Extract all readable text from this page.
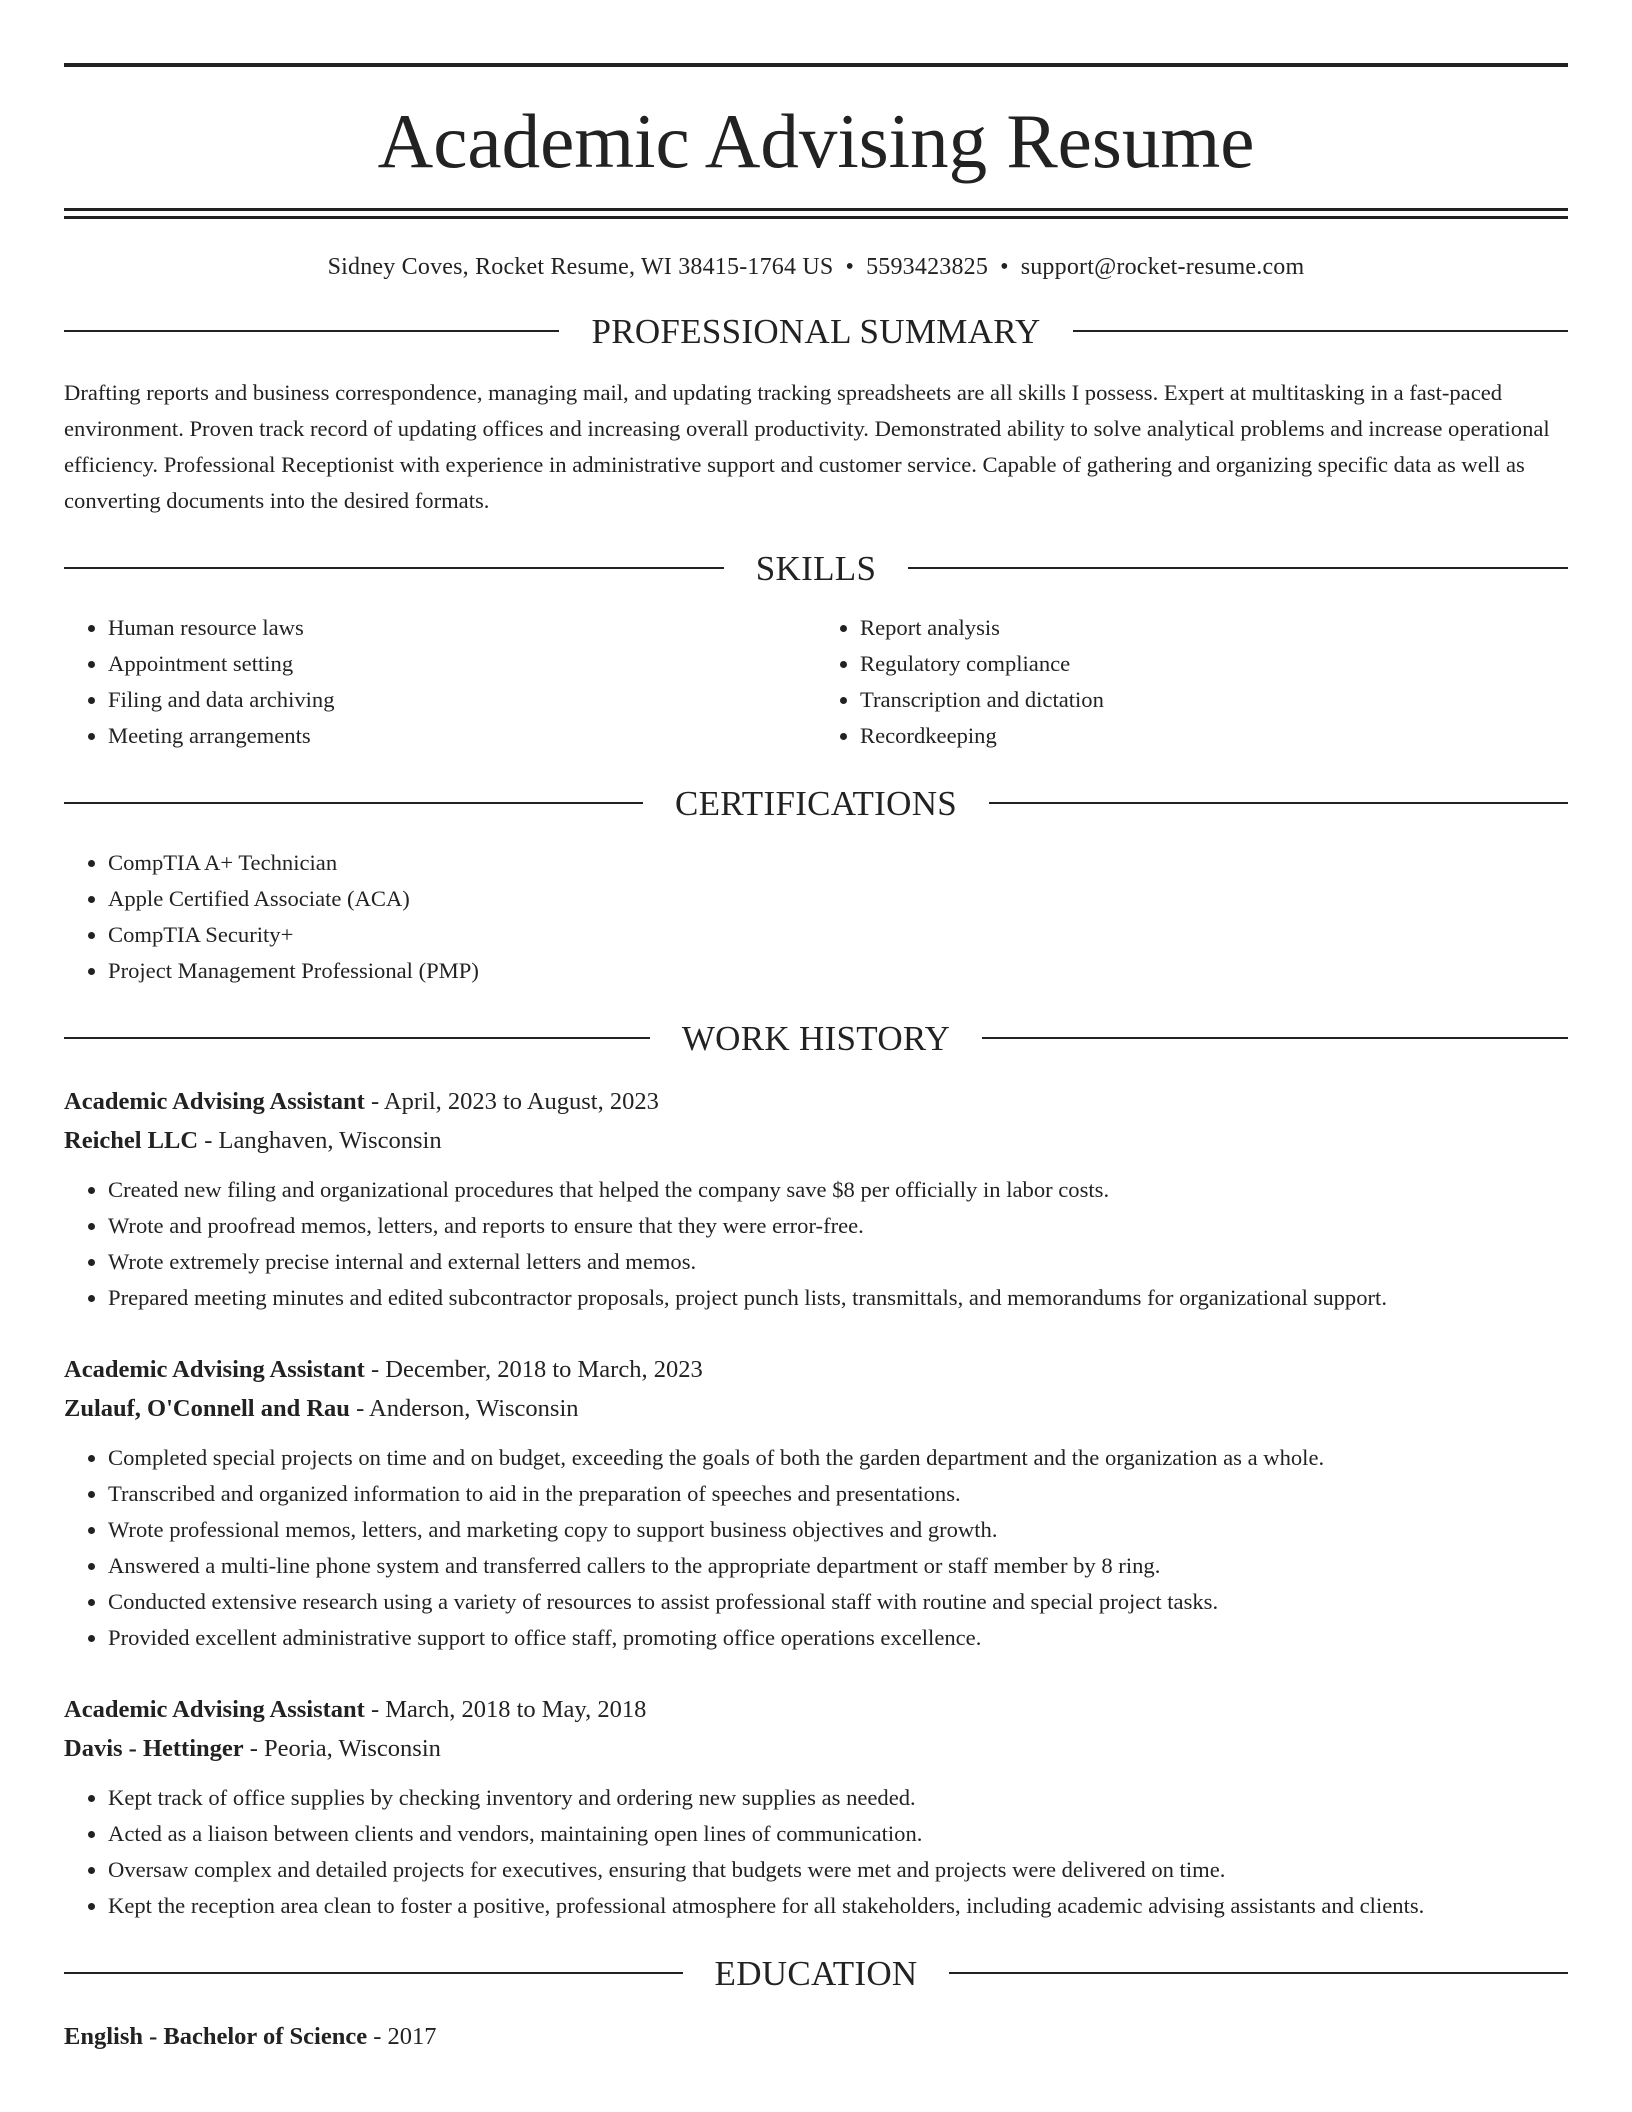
Academic Advising Resume
Sidney Coves, Rocket Resume, WI 38415-1764 US • 5593423825 • support@rocket-resume.com
PROFESSIONAL SUMMARY
Drafting reports and business correspondence, managing mail, and updating tracking spreadsheets are all skills I possess. Expert at multitasking in a fast-paced environment. Proven track record of updating offices and increasing overall productivity. Demonstrated ability to solve analytical problems and increase operational efficiency. Professional Receptionist with experience in administrative support and customer service. Capable of gathering and organizing specific data as well as converting documents into the desired formats.
SKILLS
• Human resource laws
• Appointment setting
• Filing and data archiving
• Meeting arrangements
• Report analysis
• Regulatory compliance
• Transcription and dictation
• Recordkeeping
CERTIFICATIONS
• CompTIA A+ Technician
• Apple Certified Associate (ACA)
• CompTIA Security+
• Project Management Professional (PMP)
WORK HISTORY
Academic Advising Assistant - April, 2023 to August, 2023
Reichel LLC - Langhaven, Wisconsin
• Created new filing and organizational procedures that helped the company save $8 per officially in labor costs.
• Wrote and proofread memos, letters, and reports to ensure that they were error-free.
• Wrote extremely precise internal and external letters and memos.
• Prepared meeting minutes and edited subcontractor proposals, project punch lists, transmittals, and memorandums for organizational support.
Academic Advising Assistant - December, 2018 to March, 2023
Zulauf, O'Connell and Rau - Anderson, Wisconsin
• Completed special projects on time and on budget, exceeding the goals of both the garden department and the organization as a whole.
• Transcribed and organized information to aid in the preparation of speeches and presentations.
• Wrote professional memos, letters, and marketing copy to support business objectives and growth.
• Answered a multi-line phone system and transferred callers to the appropriate department or staff member by 8 ring.
• Conducted extensive research using a variety of resources to assist professional staff with routine and special project tasks.
• Provided excellent administrative support to office staff, promoting office operations excellence.
Academic Advising Assistant - March, 2018 to May, 2018
Davis - Hettinger - Peoria, Wisconsin
• Kept track of office supplies by checking inventory and ordering new supplies as needed.
• Acted as a liaison between clients and vendors, maintaining open lines of communication.
• Oversaw complex and detailed projects for executives, ensuring that budgets were met and projects were delivered on time.
• Kept the reception area clean to foster a positive, professional atmosphere for all stakeholders, including academic advising assistants and clients.
EDUCATION
English - Bachelor of Science - 2017
